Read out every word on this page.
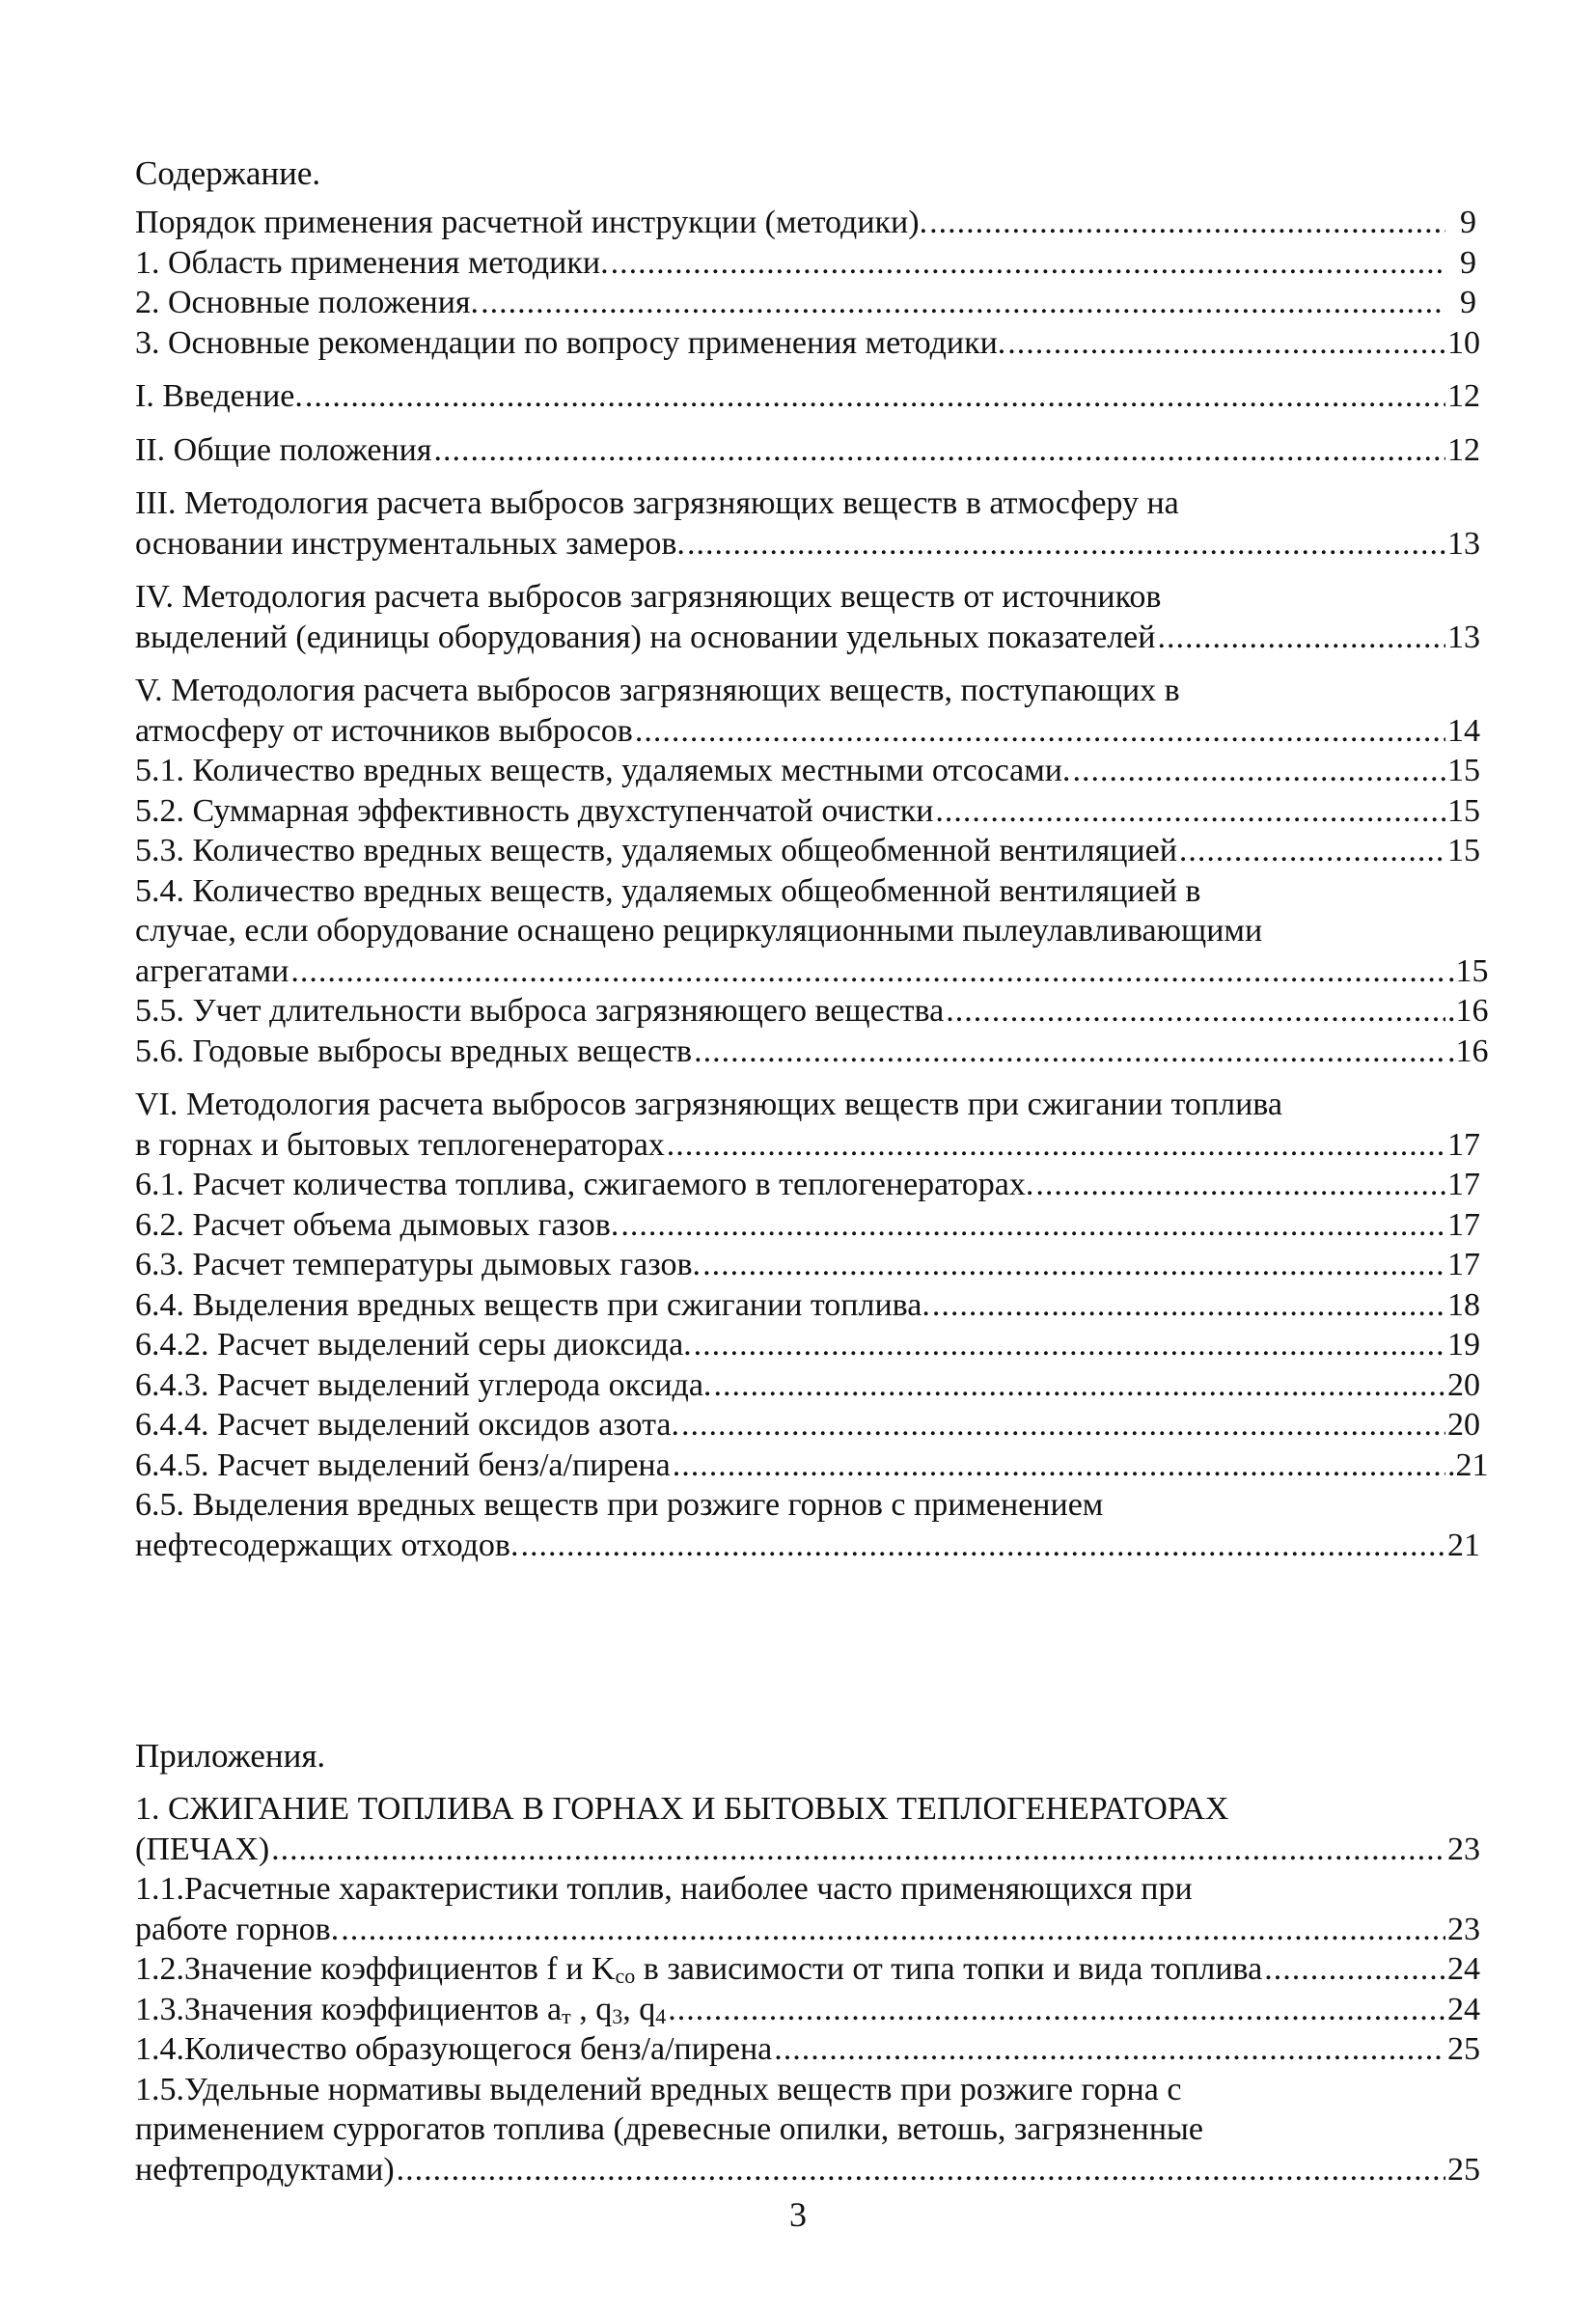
Содержание.
Порядок применения расчетной инструкции (методики). .....	9
1. Область применения методики. .....	9
2. Основные положения. .....	9
3. Основные рекомендации по вопросу применения методики. .....	10
I. Введение. .....	12
II. Общие положения .....	12
III. Методология расчета выбросов загрязняющих веществ в атмосферу на
основании инструментальных замеров. .....	13
IV. Методология расчета выбросов загрязняющих веществ от источников
выделений (единицы оборудования) на основании удельных показателей .....	13
V. Методология расчета выбросов загрязняющих веществ, поступающих в
атмосферу от источников выбросов .....	14
5.1. Количество вредных веществ, удаляемых местными отсосами. .....	15
5.2. Суммарная эффективность двухступенчатой очистки .....	15
5.3. Количество вредных веществ, удаляемых общеобменной вентиляцией .....	15
5.4. Количество вредных веществ, удаляемых общеобменной вентиляцией в
случае, если оборудование оснащено рециркуляционными пылеулавливающими
агрегатами .....	.15
5.5. Учет длительности выброса загрязняющего вещества .....	.16
5.6. Годовые выбросы вредных веществ .....	.16
VI. Методология расчета выбросов загрязняющих веществ при сжигании топлива
в горнах и бытовых теплогенераторах .....	17
6.1. Расчет количества топлива, сжигаемого в теплогенераторах. .....	17
6.2. Расчет объема дымовых газов. .....	17
6.3. Расчет температуры дымовых газов. .....	17
6.4. Выделения вредных веществ при сжигании топлива. .....	18
6.4.2. Расчет выделений серы диоксида. .....	19
6.4.3. Расчет выделений углерода оксида. .....	20
6.4.4. Расчет выделений оксидов азота. .....	20
6.4.5. Расчет выделений бенз/а/пирена .....	.21
6.5. Выделения вредных веществ при розжиге горнов с применением
нефтесодержащих отходов. .....	21
Приложения.
1. СЖИГАНИЕ ТОПЛИВА В ГОРНАХ И БЫТОВЫХ ТЕПЛОГЕНЕРАТОРАХ
(ПЕЧАХ) .....	23
1.1.Расчетные характеристики топлив, наиболее часто применяющихся при
работе горнов. .....	23
1.2.Значение коэффициентов f и $K_{со}$ в зависимости от типа топки и вида топлива .....	24
1.3.Значения коэффициентов $a_т$ , $q_3$, $q_4$ .....	24
1.4.Количество образующегося бенз/а/пирена .....	25
1.5.Удельные нормативы выделений вредных веществ при розжиге горна с
применением суррогатов топлива (древесные опилки, ветошь, загрязненные
нефтепродуктами) .....	25
3
